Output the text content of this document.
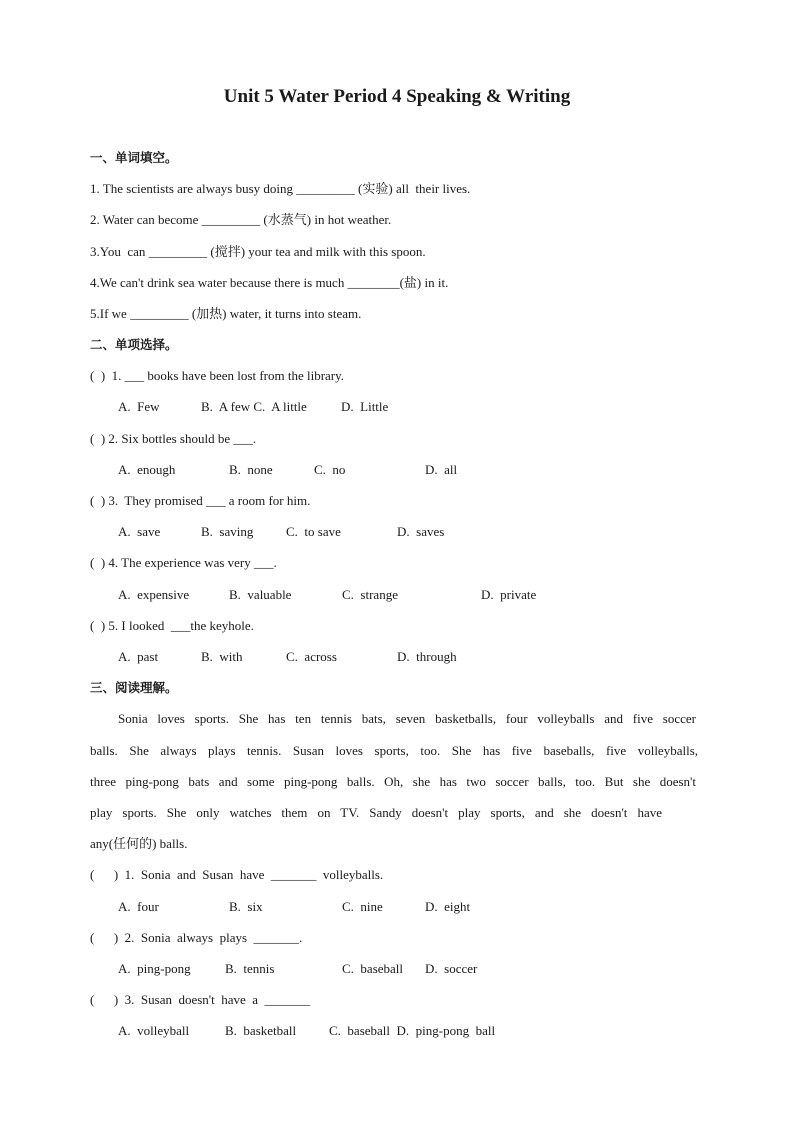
Unit 5 Water Period 4 Speaking & Writing
一、单词填空。
1. The scientists are always busy doing _________ (实验) all  their lives.
2. Water can become _________ (水蒸气) in hot weather.
3.You  can _________ (搅拌) your tea and milk with this spoon.
4.We can't drink sea water because there is much ________(盐) in it.
5.If we _________ (加热) water, it turns into steam.
二、单项选择。
(  )  1. ___ books have been lost from the library.
A.  Few	B.  A few C.  A little	D.  Little
(  ) 2. Six bottles should be ___.
A.  enough	B.  none	C.  no	D.  all
(  ) 3.  They promised ___ a room for him.
A.  save	B.  saving	C.  to save	D.  saves
(  ) 4. The experience was very ___.
A.  expensive	B.  valuable	C.  strange	D.  private
(  ) 5. I looked  ___the keyhole.
A.  past	B.  with	C.  across	D.  through
三、阅读理解。
Sonia loves sports. She has ten tennis bats, seven basketballs, four volleyballs and five soccer
balls. She always plays tennis. Susan loves sports, too. She has five baseballs, five volleyballs,
three ping-pong bats and some ping-pong balls. Oh, she has two soccer balls, too. But she doesn't
play sports. She only watches them on TV. Sandy doesn't play sports, and she doesn't have
any(任何的) balls.
(      )  1.  Sonia  and  Susan  have  _______  volleyballs.
A.  four	B.  six	C.  nine	D.  eight
(      )  2.  Sonia  always  plays  _______.
A.  ping-pong	B.  tennis	C.  baseball D.  soccer
(      )  3.  Susan  doesn't  have  a  _______
A.  volleyball	B.  basketball	C.  baseball  D.  ping-pong  ball
